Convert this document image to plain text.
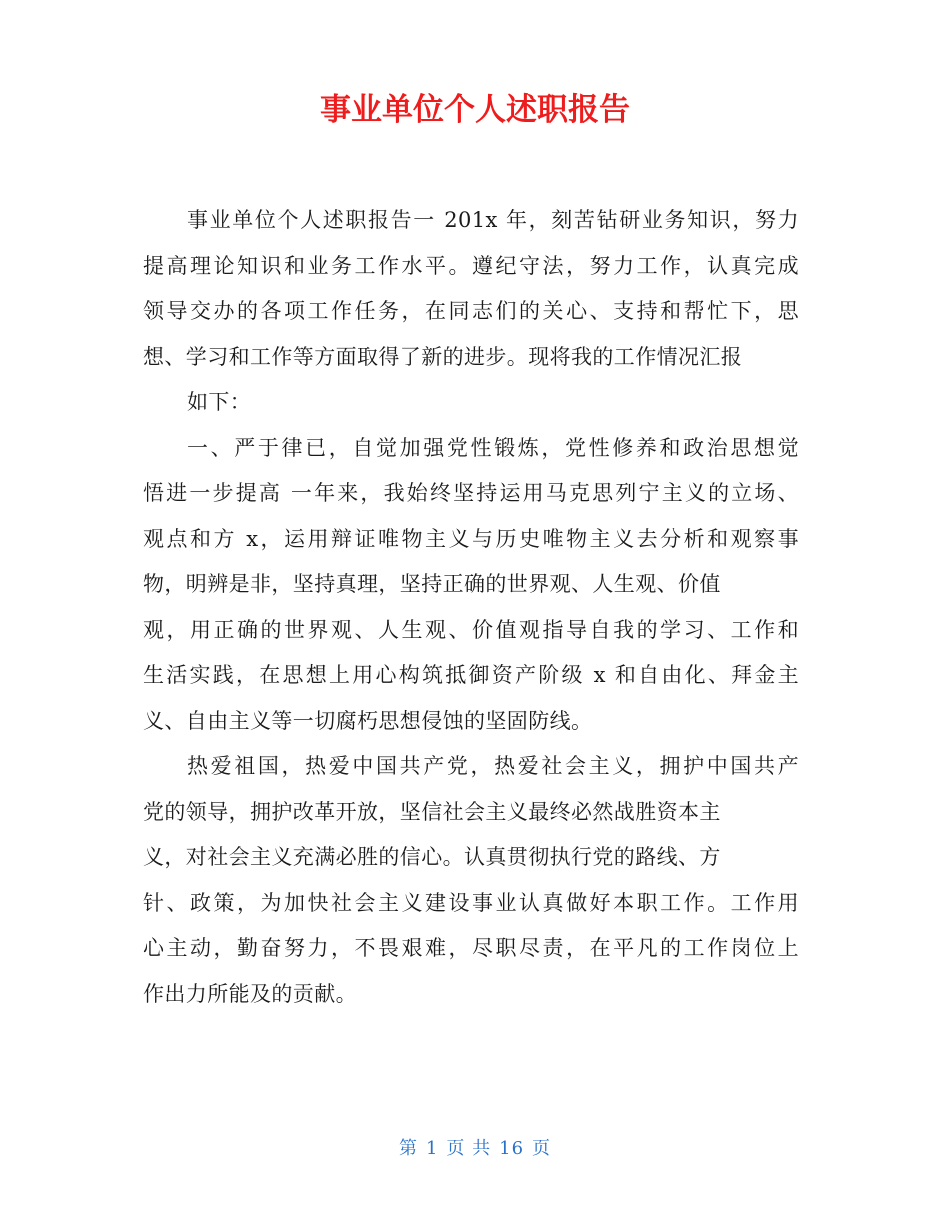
事业单位个人述职报告
事业单位个人述职报告一 201x 年，刻苦钻研业务知识，努力
提高理论知识和业务工作水平。遵纪守法，努力工作，认真完成
领导交办的各项工作任务，在同志们的关心、支持和帮忙下，思
想、学习和工作等方面取得了新的进步。现将我的工作情况汇报
如下：
一、严于律已，自觉加强党性锻炼，党性修养和政治思想觉
悟进一步提高 一年来，我始终坚持运用马克思列宁主义的立场、
观点和方 x，运用辩证唯物主义与历史唯物主义去分析和观察事
物，明辨是非，坚持真理，坚持正确的世界观、人生观、价值
观，用正确的世界观、人生观、价值观指导自我的学习、工作和
生活实践，在思想上用心构筑抵御资产阶级 x 和自由化、拜金主
义、自由主义等一切腐朽思想侵蚀的坚固防线。
热爱祖国，热爱中国共产党，热爱社会主义，拥护中国共产
党的领导，拥护改革开放，坚信社会主义最终必然战胜资本主
义，对社会主义充满必胜的信心。认真贯彻执行党的路线、方
针、政策，为加快社会主义建设事业认真做好本职工作。工作用
心主动，勤奋努力，不畏艰难，尽职尽责，在平凡的工作岗位上
作出力所能及的贡献。
第 1 页 共 16 页
